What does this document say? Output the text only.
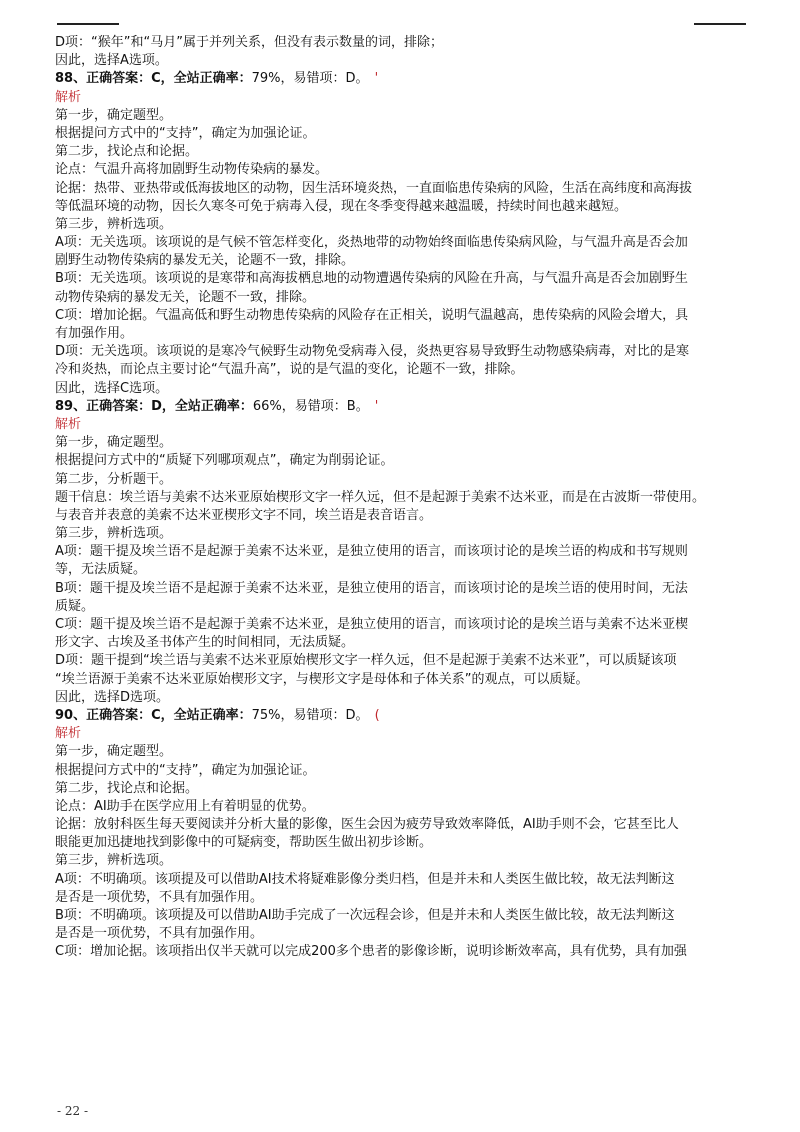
D项：“猴年”和“马月”属于并列关系，但没有表示数量的词，排除；
因此，选择A选项。
88、正确答案：C，全站正确率：79%，易错项：D。 '
解析
第一步，确定题型。
根据提问方式中的“支持”，确定为加强论证。
第二步，找论点和论据。
论点：气温升高将加剧野生动物传染病的暴发。
论据：热带、亚热带或低海拔地区的动物，因生活环境炎热，一直面临患传染病的风险，生活在高纬度和高海拔
等低温环境的动物，因长久寒冬可免于病毒入侵，现在冬季变得越来越温暖，持续时间也越来越短。
第三步，辨析选项。
A项：无关选项。该项说的是气候不管怎样变化，炎热地带的动物始终面临患传染病风险，与气温升高是否会加
剧野生动物传染病的暴发无关，论题不一致，排除。
B项：无关选项。该项说的是寒带和高海拔栖息地的动物遭遇传染病的风险在升高，与气温升高是否会加剧野生
动物传染病的暴发无关，论题不一致，排除。
C项：增加论据。气温高低和野生动物患传染病的风险存在正相关，说明气温越高，患传染病的风险会增大，具
有加强作用。
D项：无关选项。该项说的是寒冷气候野生动物免受病毒入侵，炎热更容易导致野生动物感染病毒，对比的是寒
冷和炎热，而论点主要讨论“气温升高”，说的是气温的变化，论题不一致，排除。
因此，选择C选项。
89、正确答案：D，全站正确率：66%，易错项：B。 '
解析
第一步，确定题型。
根据提问方式中的“质疑下列哪项观点”，确定为削弱论证。
第二步，分析题干。
题干信息：埃兰语与美索不达米亚原始楔形文字一样久远，但不是起源于美索不达米亚，而是在古波斯一带使用。
与表音并表意的美索不达米亚楔形文字不同，埃兰语是表音语言。
第三步，辨析选项。
A项：题干提及埃兰语不是起源于美索不达米亚，是独立使用的语言，而该项讨论的是埃兰语的构成和书写规则
等，无法质疑。
B项：题干提及埃兰语不是起源于美索不达米亚，是独立使用的语言，而该项讨论的是埃兰语的使用时间，无法
质疑。
C项：题干提及埃兰语不是起源于美索不达米亚，是独立使用的语言，而该项讨论的是埃兰语与美索不达米亚楔
形文字、古埃及圣书体产生的时间相同，无法质疑。
D项：题干提到“埃兰语与美索不达米亚原始楔形文字一样久远，但不是起源于美索不达米亚”，可以质疑该项
“埃兰语源于美索不达米亚原始楔形文字，与楔形文字是母体和子体关系”的观点，可以质疑。
因此，选择D选项。
90、正确答案：C，全站正确率：75%，易错项：D。 (
解析
第一步，确定题型。
根据提问方式中的“支持”，确定为加强论证。
第二步，找论点和论据。
论点：AI助手在医学应用上有着明显的优势。
论据：放射科医生每天要阅读并分析大量的影像，医生会因为疲劳导致效率降低，AI助手则不会，它甚至比人
眼能更加迅捷地找到影像中的可疑病变，帮助医生做出初步诊断。
第三步，辨析选项。
A项：不明确项。该项提及可以借助AI技术将疑难影像分类归档，但是并未和人类医生做比较，故无法判断这
是否是一项优势，不具有加强作用。
B项：不明确项。该项提及可以借助AI助手完成了一次远程会诊，但是并未和人类医生做比较，故无法判断这
是否是一项优势，不具有加强作用。
C项：增加论据。该项指出仅半天就可以完成200多个患者的影像诊断，说明诊断效率高，具有优势，具有加强
- 22 -
